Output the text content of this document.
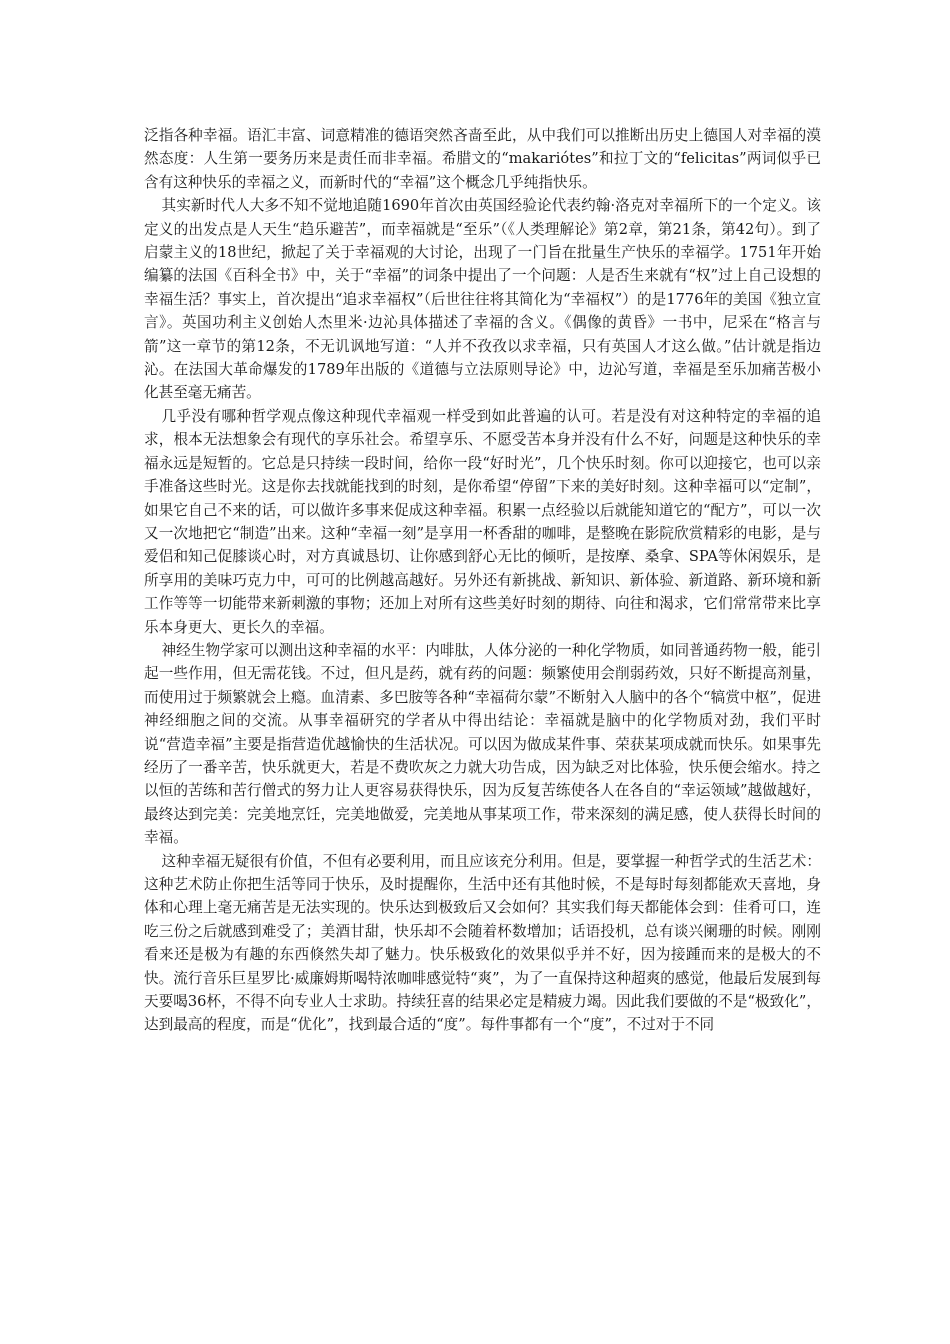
泛指各种幸福。语汇丰富、词意精准的德语突然吝啬至此，从中我们可以推断出历史上德国人对幸福的漠然态度：人生第一要务历来是责任而非幸福。希腊文的“makariótes”和拉丁文的“felicitas”两词似乎已含有这种快乐的幸福之义，而新时代的“幸福”这个概念几乎纯指快乐。

其实新时代人大多不知不觉地追随1690年首次由英国经验论代表约翰·洛克对幸福所下的一个定义。该定义的出发点是人天生“趋乐避苦”，而幸福就是“至乐”（《人类理解论》第2章，第21条，第42句）。到了启蒙主义的18世纪，掀起了关于幸福观的大讨论，出现了一门旨在批量生产快乐的幸福学。1751年开始编纂的法国《百科全书》中，关于“幸福”的词条中提出了一个问题：人是否生来就有“权”过上自己设想的幸福生活？事实上，首次提出“追求幸福权”（后世往往将其简化为“幸福权”）的是1776年的美国《独立宣言》。英国功利主义创始人杰里米·边沁具体描述了幸福的含义。《偶像的黄昏》一书中，尼采在“格言与箭”这一章节的第12条，不无讥讽地写道：“人并不孜孜以求幸福，只有英国人才这么做。”估计就是指边沁。在法国大革命爆发的1789年出版的《道德与立法原则导论》中，边沁写道，幸福是至乐加痛苦极小化甚至毫无痛苦。

几乎没有哪种哲学观点像这种现代幸福观一样受到如此普遍的认可。若是没有对这种特定的幸福的追求，根本无法想象会有现代的享乐社会。希望享乐、不愿受苦本身并没有什么不好，问题是这种快乐的幸福永远是短暂的。它总是只持续一段时间，给你一段“好时光”，几个快乐时刻。你可以迎接它，也可以亲手准备这些时光。这是你去找就能找到的时刻，是你希望“停留”下来的美好时刻。这种幸福可以“定制”，如果它自己不来的话，可以做许多事来促成这种幸福。积累一点经验以后就能知道它的“配方”，可以一次又一次地把它“制造”出来。这种“幸福一刻”是享用一杯香甜的咖啡，是整晚在影院欣赏精彩的电影，是与爱侣和知己促膝谈心时，对方真诚恳切、让你感到舒心无比的倾听，是按摩、桑拿、SPA等休闲娱乐，是所享用的美味巧克力中，可可的比例越高越好。另外还有新挑战、新知识、新体验、新道路、新环境和新工作等等一切能带来新刺激的事物；还加上对所有这些美好时刻的期待、向往和渴求，它们常常带来比享乐本身更大、更长久的幸福。

神经生物学家可以测出这种幸福的水平：内啡肽，人体分泌的一种化学物质，如同普通药物一般，能引起一些作用，但无需花钱。不过，但凡是药，就有药的问题：频繁使用会削弱药效，只好不断提高剂量，而使用过于频繁就会上瘾。血清素、多巴胺等各种“幸福荷尔蒙”不断射入人脑中的各个“犒赏中枢”，促进神经细胞之间的交流。从事幸福研究的学者从中得出结论：幸福就是脑中的化学物质对劲，我们平时说“营造幸福”主要是指营造优越愉快的生活状况。可以因为做成某件事、荣获某项成就而快乐。如果事先经历了一番辛苦，快乐就更大，若是不费吹灰之力就大功告成，因为缺乏对比体验，快乐便会缩水。持之以恒的苦练和苦行僧式的努力让人更容易获得快乐，因为反复苦练使各人在各自的“幸运领域”越做越好，最终达到完美：完美地烹饪，完美地做爱，完美地从事某项工作，带来深刻的满足感，使人获得长时间的幸福。

这种幸福无疑很有价值，不但有必要利用，而且应该充分利用。但是，要掌握一种哲学式的生活艺术：这种艺术防止你把生活等同于快乐，及时提醒你，生活中还有其他时候，不是每时每刻都能欢天喜地，身体和心理上毫无痛苦是无法实现的。快乐达到极致后又会如何？其实我们每天都能体会到：佳肴可口，连吃三份之后就感到难受了；美酒甘甜，快乐却不会随着杯数增加；话语投机，总有谈兴阑珊的时候。刚刚看来还是极为有趣的东西倏然失却了魅力。快乐极致化的效果似乎并不好，因为接踵而来的是极大的不快。流行音乐巨星罗比·威廉姆斯喝特浓咖啡感觉特“爽”，为了一直保持这种超爽的感觉，他最后发展到每天要喝36杯，不得不向专业人士求助。持续狂喜的结果必定是精疲力竭。因此我们要做的不是“极致化”，达到最高的程度，而是“优化”，找到最合适的“度”。每件事都有一个“度”，不过对于不同
